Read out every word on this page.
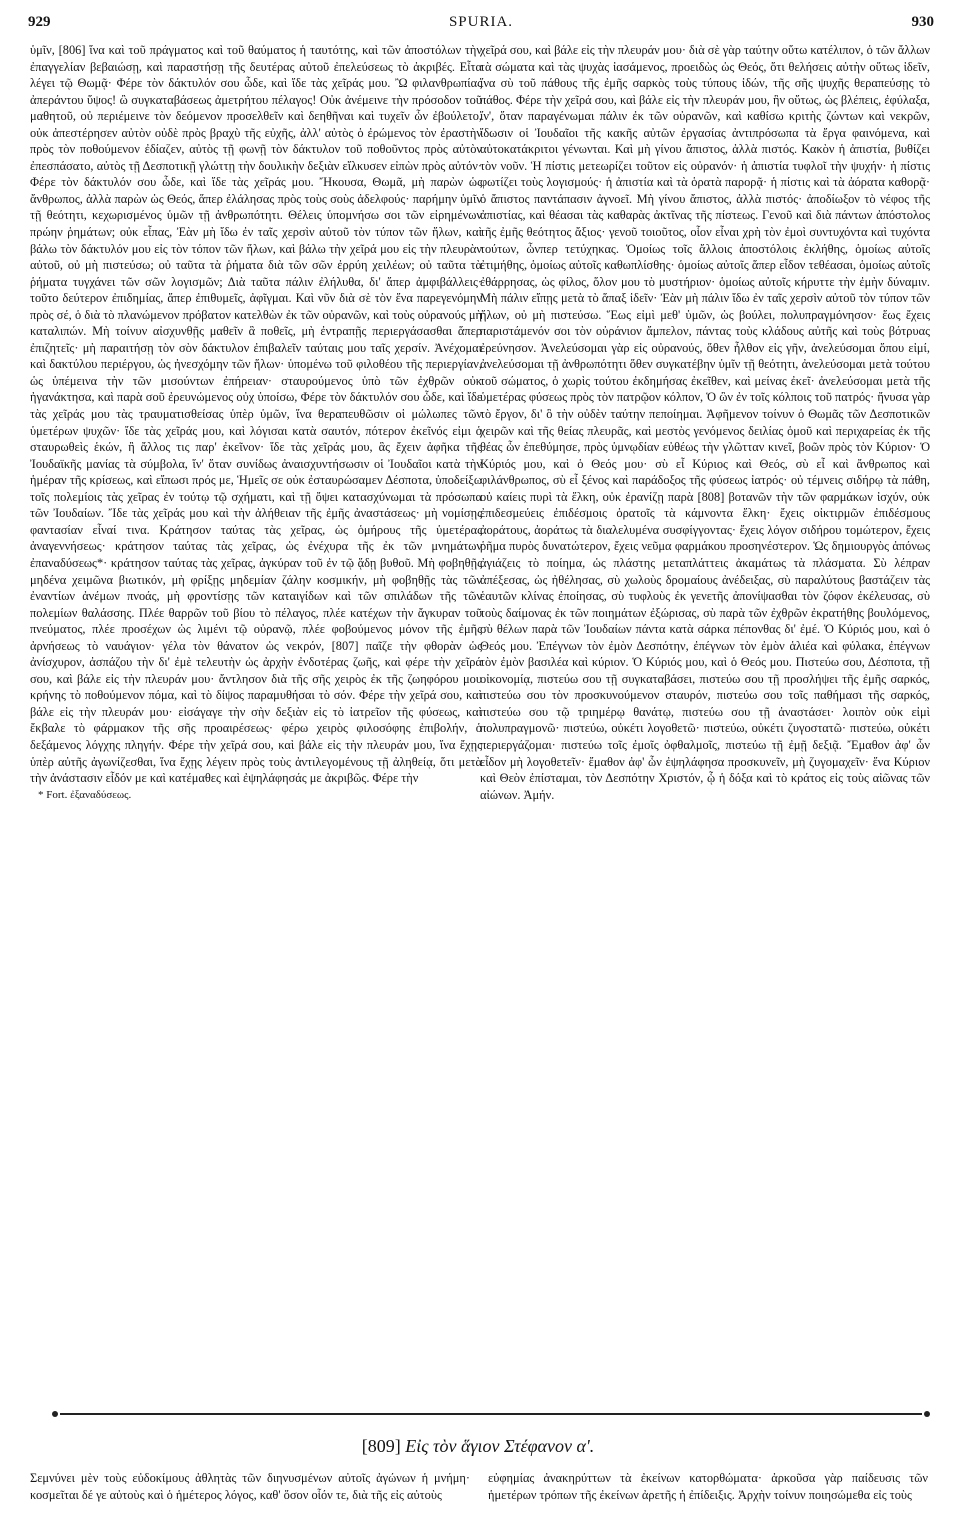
929	SPURIA.	930

ὑμῖν, [806] ἵνα καὶ τοῦ πράγματος καὶ τοῦ θαύματος ἡ ταυτότης, καὶ τῶν ἀποστόλων τὴν ἐπαγγελίαν βεβαιώσῃ, καὶ παραστήσῃ τῆς δευτέρας αὐτοῦ ἐπελεύσεως τὸ ἀκριβές. Εἶτα λέγει τῷ Θωμᾷ· Φέρε τὸν δάκτυλόν σου ὧδε, καὶ ἴδε τὰς χεῖράς μου. Ὢ φιλανθρωπίας ἀπεράντου ὕψος! ὢ συγκαταβάσεως ἀμετρήτου πέλαγος! Οὐκ ἀνέμεινε τὴν πρόσοδον τοῦ μαθητοῦ, οὐ περιέμεινε τὸν δεόμενον προσελθεῖν καὶ δεηθῆναι καὶ τυχεῖν ὧν ἐβούλετο, οὐκ ἀπεστέρησεν αὐτὸν οὐδὲ πρὸς βραχὺ τῆς εὐχῆς, ἀλλ' αὐτὸς ὁ ἐρώμενος τὸν ἐραστὴν πρὸς τὸν ποθούμενον ἐδίαζεν, αὐτὸς τῇ φωνῇ τὸν δάκτυλον τοῦ ποθοῦντος πρὸς αὐτὸν ἐπεσπάσατο, αὐτὸς τῇ Δεσποτικῇ γλώττῃ τὴν δουλικὴν δεξιὰν εἵλκυσεν εἰπὼν πρὸς αὐτόν· Φέρε τὸν δάκτυλόν σου ὧδε, καὶ ἴδε τὰς χεῖράς μου. Ἤκουσα, Θωμᾶ, μὴ παρὼν ὡς ἄνθρωπος, ἀλλὰ παρὼν ὡς Θεός, ἅπερ ἐλάλησας πρὸς τοὺς σοὺς ἀδελφούς· παρήμην ὑμῖν τῇ θεότητι, κεχωρισμένος ὑμῶν τῇ ἀνθρωπότητι. Θέλεις ὑπομνήσω σοι τῶν εἰρημένων πρώην ῥημάτων; οὐκ εἶπας, Ἐὰν μὴ ἴδω ἐν ταῖς χερσὶν αὐτοῦ τὸν τύπον τῶν ἥλων, καὶ βάλω τὸν δάκτυλόν μου εἰς τὸν τόπον τῶν ἥλων, καὶ βάλω τὴν χεῖρά μου εἰς τὴν πλευρὰν αὐτοῦ, οὐ μὴ πιστεύσω; οὐ ταῦτα τὰ ῥήματα διὰ τῶν σῶν ἐρρύη χειλέων; οὐ ταῦτα τὰ ῥήματα τυγχάνει τῶν σῶν λογισμῶν; Διὰ ταῦτα πάλιν ἐλήλυθα, δι' ἅπερ ἀμφιβάλλεις· τοῦτο δεύτερον ἐπιδημίας, ἅπερ ἐπιθυμεῖς, ἀφῖγμαι. Καὶ νῦν διὰ σὲ τὸν ἕνα παρεγενόμην πρὸς σέ, ὁ διὰ τὸ πλανώμενον πρόβατον κατελθὼν ἐκ τῶν οὐρανῶν, καὶ τοὺς οὐρανούς μὴ καταλιπών. Μὴ τοίνυν αἰσχυνθῇς μαθεῖν ἃ ποθεῖς, μὴ ἐντραπῇς περιεργάσασθαι ἅπερ ἐπιζητεῖς· μὴ παραιτήσῃ τὸν σὸν δάκτυλον ἐπιβαλεῖν ταύταις μου ταῖς χερσίν. Ἀνέχομαι καὶ δακτύλου περιέργου, ὡς ἠνεσχόμην τῶν ἥλων· ὑπομένω τοῦ φιλοθέου τῆς περιεργίαν, ὡς ὑπέμεινα τὴν τῶν μισούντων ἐπήρειαν· σταυρούμενος ὑπὸ τῶν ἐχθρῶν οὐκ ἠγανάκτησα, καὶ παρὰ σοῦ ἐρευνώμενος οὐχ ὑποίσω, Φέρε τὸν δάκτυλόν σου ὧδε, καὶ ἴδε τὰς χεῖράς μου τὰς τραυματισθείσας ὑπὲρ ὑμῶν, ἵνα θεραπευθῶσιν οἱ μώλωπες τῶν ὑμετέρων ψυχῶν· ἴδε τὰς χεῖράς μου, καὶ λόγισαι κατὰ σαυτόν, πότερον ἐκεῖνός εἰμι ὁ σταυρωθεὶς ἑκών, ἢ ἄλλος τις παρ' ἐκεῖνον· ἴδε τὰς χεῖράς μου, ἃς ἔχειν ἀφῆκα τῆς Ἰουδαϊκῆς μανίας τὰ σύμβολα, ἵν' ὅταν συνίδως ἀναισχυντήσωσιν οἱ Ἰουδαῖοι κατὰ τὴν ἡμέραν τῆς κρίσεως, καὶ εἴπωσι πρός με, Ἡμεῖς σε οὐκ ἐσταυρώσαμεν Δέσποτα, ὑποδείξω τοῖς πολεμίοις τὰς χεῖρας ἐν τούτῳ τῷ σχήματι, καὶ τῇ ὄψει κατασχύνωμαι τὰ πρόσωπα τῶν Ἰουδαίων. Ἴδε τὰς χεῖράς μου καὶ τὴν ἀλήθειαν τῆς ἐμῆς ἀναστάσεως· μὴ νομίσῃς φαντασίαν εἶναί τινα. Κράτησον ταύτας τὰς χεῖρας, ὡς ὁμήρους τῆς ὑμετέρας ἀναγεννήσεως· κράτησον ταύτας τὰς χεῖρας, ὡς ἐνέχυρα τῆς ἐκ τῶν μνημάτων ἐπαναδύσεως*· κράτησον ταύτας τὰς χεῖρας, ἀγκύραν τοῦ ἐν τῷ ᾅδῃ βυθοῦ. Μὴ φοβηθῇς μηδένα χειμῶνα βιωτικόν, μὴ φρίξῃς μηδεμίαν ζάλην κοσμικήν, μὴ φοβηθῇς τὰς τῶν ἐναντίων ἀνέμων πνοάς, μὴ φροντίσῃς τῶν καταιγίδων καὶ τῶν σπιλάδων τῆς τῶν πολεμίων θαλάσσης. Πλέε θαρρῶν τοῦ βίου τὸ πέλαγος, πλέε κατέχων τὴν ἄγκυραν τοῦ πνεύματος, πλέε προσέχων ὡς λιμένι τῷ οὐρανῷ, πλέε φοβούμενος μόνον τῆς ἐμῆς ἀρνήσεως τὸ ναυάγιον· γέλα τὸν θάνατον ὡς νεκρόν, [807] παῖζε τὴν φθορὰν ὡς ἀνίσχυρον, ἀσπάζου τὴν δι' ἐμὲ τελευτὴν ὡς ἀρχὴν ἐνδοτέρας ζωῆς, καὶ φέρε τὴν χεῖρά σου, καὶ βάλε εἰς τὴν πλευράν μου· ἄντλησον διὰ τῆς σῆς χειρὸς ἐκ τῆς ζωηφόρου μου κρήνης τὸ ποθούμενον πόμα, καὶ τὸ δίψος παραμυθήσαι τὸ σόν. Φέρε τὴν χεῖρά σου, καὶ βάλε εἰς τὴν πλευράν μου· εἰσάγαγε τὴν σὴν δεξιὰν εἰς τὸ ἰατρεῖον τῆς φύσεως, καὶ ἔκβαλε τὸ φάρμακον τῆς σῆς προαιρέσεως· φέρω χειρὸς φιλοσόφης ἐπιβολήν, ὁ δεξάμενος λόγχης πληγήν. Φέρε τὴν χεῖρά σου, καὶ βάλε εἰς τὴν πλευράν μου, ἵνα ἔχῃς ὑπὲρ αὐτῆς ἀγωνίζεσθαι, ἵνα ἔχῃς λέγειν πρὸς τοὺς ἀντιλεγομένους τῇ ἀληθείᾳ, ὅτι μετὰ τὴν ἀνάστασιν εἶδόν με καὶ κατέμαθες καὶ ἐψηλάφησάς με ἀκριβῶς. Φέρε τὴν

* Fort. ἐξαναδύσεως.

χεῖρά σου, καὶ βάλε εἰς τὴν πλευράν μου· διὰ σὲ γὰρ ταύτην οὕτω κατέλιπον, ὁ τῶν ἄλλων τὰ σώματα καὶ τὰς ψυχὰς ἰασάμενος, προειδὼς ὡς Θεός, ὅτι θελήσεις αὐτὴν οὕτως ἰδεῖν, ἵνα σὺ τοῦ πάθους τῆς ἐμῆς σαρκὸς τοὺς τύπους ἰδών, τῆς σῆς ψυχῆς θεραπεύσῃς τὸ πάθος. Φέρε τὴν χεῖρά σου, καὶ βάλε εἰς τὴν πλευράν μου, ἣν οὕτως, ὡς βλέπεις, ἐφύλαξα, ἵν', ὅταν παραγένωμαι πάλιν ἐκ τῶν οὐρανῶν, καὶ καθίσω κριτὴς ζώντων καὶ νεκρῶν, ἴδωσιν οἱ Ἰουδαῖοι τῆς κακῆς αὐτῶν ἐργασίας ἀντιπρόσωπα τὰ ἔργα φαινόμενα, καὶ αὐτοκατάκριτοι γένωνται. Καὶ μὴ γίνου ἄπιστος, ἀλλὰ πιστός. Κακὸν ἡ ἀπιστία, βυθίζει τὸν νοῦν. Ἡ πίστις μετεωρίζει τοῦτον εἰς οὐρανόν· ἡ ἀπιστία τυφλοῖ τὴν ψυχήν· ἡ πίστις φωτίζει τοὺς λογισμούς· ἡ ἀπιστία καὶ τὰ ὁρατὰ παρορᾷ· ἡ πίστις καὶ τὰ ἀόρατα καθορᾷ· ὁ ἄπιστος παντάπασιν ἀγνοεῖ. Μὴ γίνου ἄπιστος, ἀλλὰ πιστός· ἀποδίωξον τὸ νέφος τῆς ἀπιστίας, καὶ θέασαι τὰς καθαρὰς ἀκτῖνας τῆς πίστεως. Γενοῦ καὶ διὰ πάντων ἀπόστολος τῆς ἐμῆς θεότητος ἄξιος· γενοῦ τοιοῦτος, οἷον εἶναι χρὴ τὸν ἐμοὶ συντυχόντα καὶ τυχόντα τούτων, ὧνπερ τετύχηκας. Ὁμοίως τοῖς ἄλλοις ἀποστόλοις ἐκλήθης, ὁμοίως αὐτοῖς ἐτιμήθης, ὁμοίως αὐτοῖς καθωπλίσθης· ὁμοίως αὐτοῖς ἅπερ εἶδον τεθέασαι, ὁμοίως αὐτοῖς ἐθάρρησας, ὡς φίλος, ὅλον μου τὸ μυστήριον· ὁμοίως αὐτοῖς κήρυττε τὴν ἐμὴν δύναμιν. Μὴ πάλιν εἴπῃς μετὰ τὸ ἅπαξ ἰδεῖν· Ἐὰν μὴ πάλιν ἴδω ἐν ταῖς χερσὶν αὐτοῦ τὸν τύπον τῶν ἥλων, οὐ μὴ πιστεύσω. Ἕως εἰμὶ μεθ' ὑμῶν, ὡς βούλει, πολυπραγμόνησον· ἕως ἔχεις παριστάμενόν σοι τὸν οὐράνιον ἄμπελον, πάντας τοὺς κλάδους αὐτῆς καὶ τοὺς βότρυας ἐρεύνησον. Ἀνελεύσομαι γὰρ εἰς οὐρανούς, ὅθεν ἦλθον εἰς γῆν, ἀνελεύσομαι ὅπου εἰμί, ἀνελεύσομαι τῇ ἀνθρωπότητι ὅθεν συγκατέβην ὑμῖν τῇ θεότητι, ἀνελεύσομαι μετὰ τούτου τοῦ σώματος, ὁ χωρὶς τούτου ἐκδημήσας ἐκεῖθεν, καὶ μείνας ἐκεῖ· ἀνελεύσομαι μετὰ τῆς ὑμετέρας φύσεως πρὸς τὸν πατρῷον κόλπον, Ὁ ὢν ἐν τοῖς κόλποις τοῦ πατρός· ἤνυσα γὰρ τὸ ἔργον, δι' ὃ τὴν οὐδὲν ταύτην πεποίημαι. Ἀφῆμενον τοίνυν ὁ Θωμᾶς τῶν Δεσποτικῶν χειρῶν καὶ τῆς θείας πλευρᾶς, καὶ μεστὸς γενόμενος δειλίας ὁμοῦ καὶ περιχαρείας ἐκ τῆς θέας ὧν ἐπεθύμησε, πρὸς ὑμνῳδίαν εὐθέως τὴν γλῶτταν κινεῖ, βοῶν πρὸς τὸν Κύριον· Ὁ Κύριός μου, καὶ ὁ Θεός μου· σὺ εἶ Κύριος καὶ Θεός, σὺ εἶ καὶ ἄνθρωπος καὶ φιλάνθρωπος, σὺ εἶ ξένος καὶ παράδοξος τῆς φύσεως ἰατρός· οὐ τέμνεις σιδήρῳ τὰ πάθη, οὐ καίεις πυρὶ τὰ ἕλκη, οὐκ ἐρανίζῃ παρὰ [808] βοτανῶν τὴν τῶν φαρμάκων ἰσχύν, οὐκ ἐπιδεσμεύεις ἐπιδέσμοις ὁρατοῖς τὰ κάμνοντα ἕλκη· ἔχεις οἰκτιρμῶν ἐπιδέσμους ἀοράτους, ἀοράτως τὰ διαλελυμένα συσφίγγοντας· ἔχεις λόγον σιδήρου τομώτερον, ἔχεις ῥῆμα πυρὸς δυνατώτερον, ἔχεις νεῦμα φαρμάκου προσηνέστερον. Ὡς δημιουργὸς ἀπόνως ἀγιάζεις τὸ ποίημα, ὡς πλάστης μεταπλάττεις ἀκαμάτως τὰ πλάσματα. Σὺ λέπραν ἀπέξεσας, ὡς ἠθέλησας, σὺ χωλοὺς δρομαίους ἀνέδειξας, σὺ παραλύτους βαστάζειν τὰς ἑαυτῶν κλίνας ἐποίησας, σὺ τυφλοὺς ἐκ γενετῆς ἀπονίψασθαι τὸν ζόφον ἐκέλευσας, σὺ τοὺς δαίμονας ἐκ τῶν ποιημάτων ἐξώρισας, σὺ παρὰ τῶν ἐχθρῶν ἐκρατήθης βουλόμενος, σὺ θέλων παρὰ τῶν Ἰουδαίων πάντα κατὰ σάρκα πέπονθας δι' ἐμέ. Ὁ Κύριός μου, καὶ ὁ Θεός μου. Ἐπέγνων τὸν ἐμὸν Δεσπότην, ἐπέγνων τὸν ἐμὸν ἁλιέα καὶ φύλακα, ἐπέγνων τὸν ἐμὸν βασιλέα καὶ κύριον. Ὁ Κύριός μου, καὶ ὁ Θεός μου. Πιστεύω σου, Δέσποτα, τῇ οἰκονομίᾳ, πιστεύω σου τῇ συγκαταβάσει, πιστεύω σου τῇ προσλήψει τῆς ἐμῆς σαρκός, πιστεύω σου τὸν προσκυνούμενον σταυρόν, πιστεύω σου τοῖς παθήμασι τῆς σαρκός, πιστεύω σου τῷ τριημέρῳ θανάτῳ, πιστεύω σου τῇ ἀναστάσει· λοιπὸν οὐκ εἰμὶ πολυπραγμονῶ· πιστεύω, οὐκέτι λογοθετῶ· πιστεύω, οὐκέτι ζυγοστατῶ· πιστεύω, οὐκέτι περιεργάζομαι· πιστεύω τοῖς ἐμοῖς ὀφθαλμοῖς, πιστεύω τῇ ἐμῇ δεξιᾷ. Ἔμαθον ἀφ' ὧν εἶδον μὴ λογοθετεῖν· ἔμαθον ἀφ' ὧν ἐψηλάφησα προσκυνεῖν, μὴ ζυγομαχεῖν· ἕνα Κύριον καὶ Θεὸν ἐπίσταμαι, τὸν Δεσπότην Χριστόν, ᾧ ἡ δόξα καὶ τὸ κράτος εἰς τοὺς αἰῶνας τῶν αἰώνων. Ἀμήν.

[809] Εἰς τὸν ἅγιον Στέφανον α'.

Σεμνύνει μὲν τοὺς εὐδοκίμους ἀθλητὰς τῶν διηνυσμένων αὐτοῖς ἀγώνων ἡ μνήμη· κοσμεῖται δέ γε αὐτοὺς καὶ ὁ ἡμέτερος λόγος, καθ' ὅσον οἷόν τε, διὰ τῆς εἰς αὐτοὺς

εὐφημίας ἀνακηρύττων τὰ ἐκείνων κατορθώματα· ἀρκοῦσα γὰρ παίδευσις τῶν ἡμετέρων τρόπων τῆς ἐκείνων ἀρετῆς ἡ ἐπίδειξις. Ἀρχὴν τοίνυν ποιησώμεθα εἰς τοὺς
